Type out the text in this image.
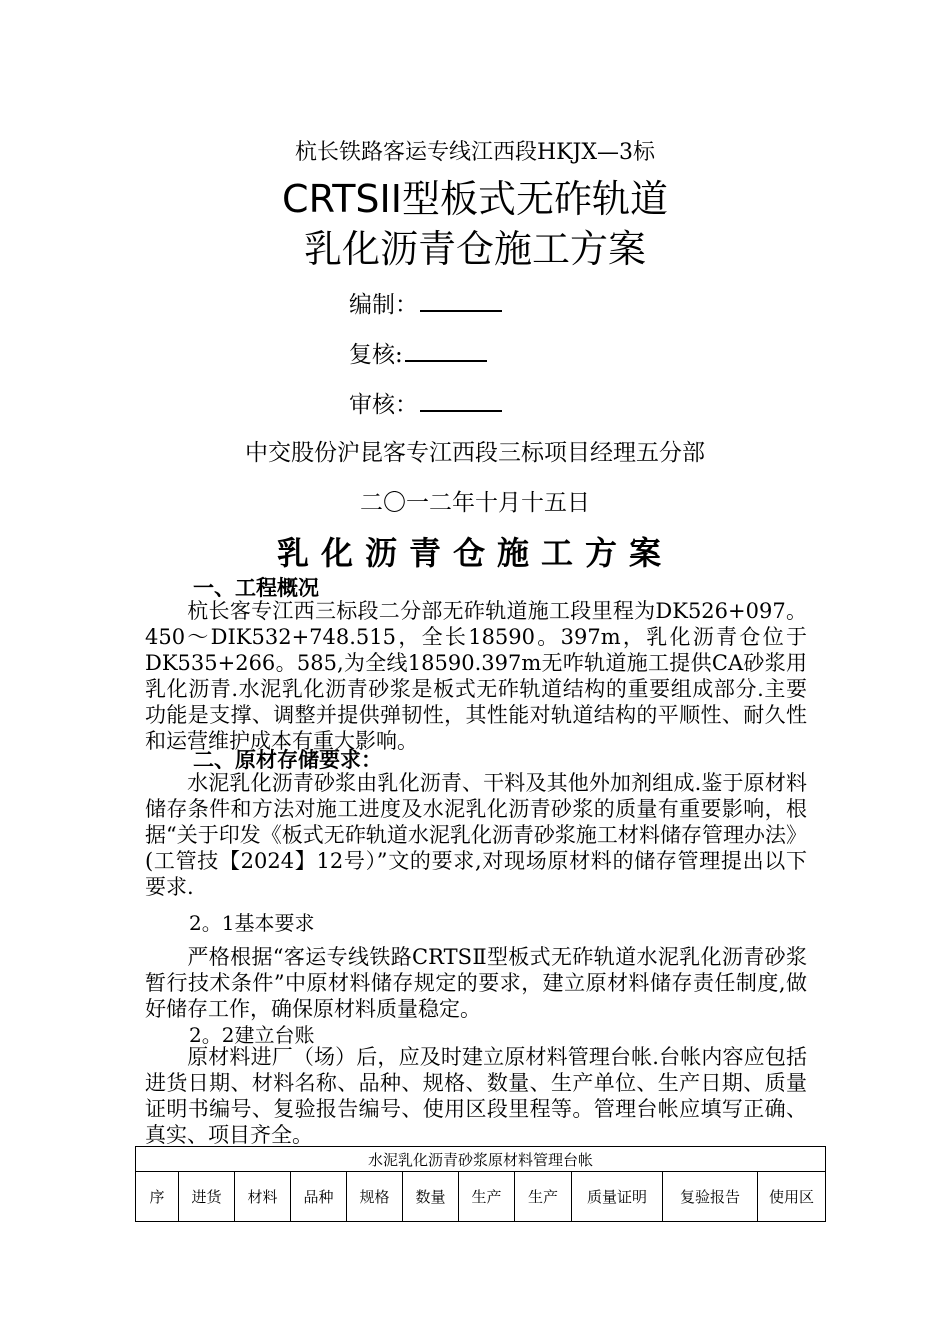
杭长铁路客运专线江西段HKJX—3标
CRTSII型板式无砟轨道
乳化沥青仓施工方案
编制：
复核:
审核：
中交股份沪昆客专江西段三标项目经理五分部
二〇一二年十月十五日
乳化沥青仓施工方案
一、工程概况
杭长客专江西三标段二分部无砟轨道施工段里程为DK526+097。450～DIK532+748.515，全长18590。397m，乳化沥青仓位于DK535+266。585,为全线18590.397m无咋轨道施工提供CA砂浆用乳化沥青.水泥乳化沥青砂浆是板式无砟轨道结构的重要组成部分.主要功能是支撑、调整并提供弹韧性，其性能对轨道结构的平顺性、耐久性和运营维护成本有重大影响。
二、原材存储要求：
水泥乳化沥青砂浆由乳化沥青、干料及其他外加剂组成.鉴于原材料储存条件和方法对施工进度及水泥乳化沥青砂浆的质量有重要影响，根据“关于印发《板式无砟轨道水泥乳化沥青砂浆施工材料储存管理办法》(工管技【2024】12号）”文的要求,对现场原材料的储存管理提出以下要求.
2。1基本要求
严格根据“客运专线铁路CRTSⅡ型板式无砟轨道水泥乳化沥青砂浆暂行技术条件”中原材料储存规定的要求，建立原材料储存责任制度,做好储存工作，确保原材料质量稳定。
2。2建立台账
原材料进厂（场）后，应及时建立原材料管理台帐.台帐内容应包括进货日期、材料名称、品种、规格、数量、生产单位、生产日期、质量证明书编号、复验报告编号、使用区段里程等。管理台帐应填写正确、真实、项目齐全。
水泥乳化沥青砂浆原材料管理台帐
序	进货	材料	品种	规格	数量	生产	生产	质量证明	复验报告	使用区
